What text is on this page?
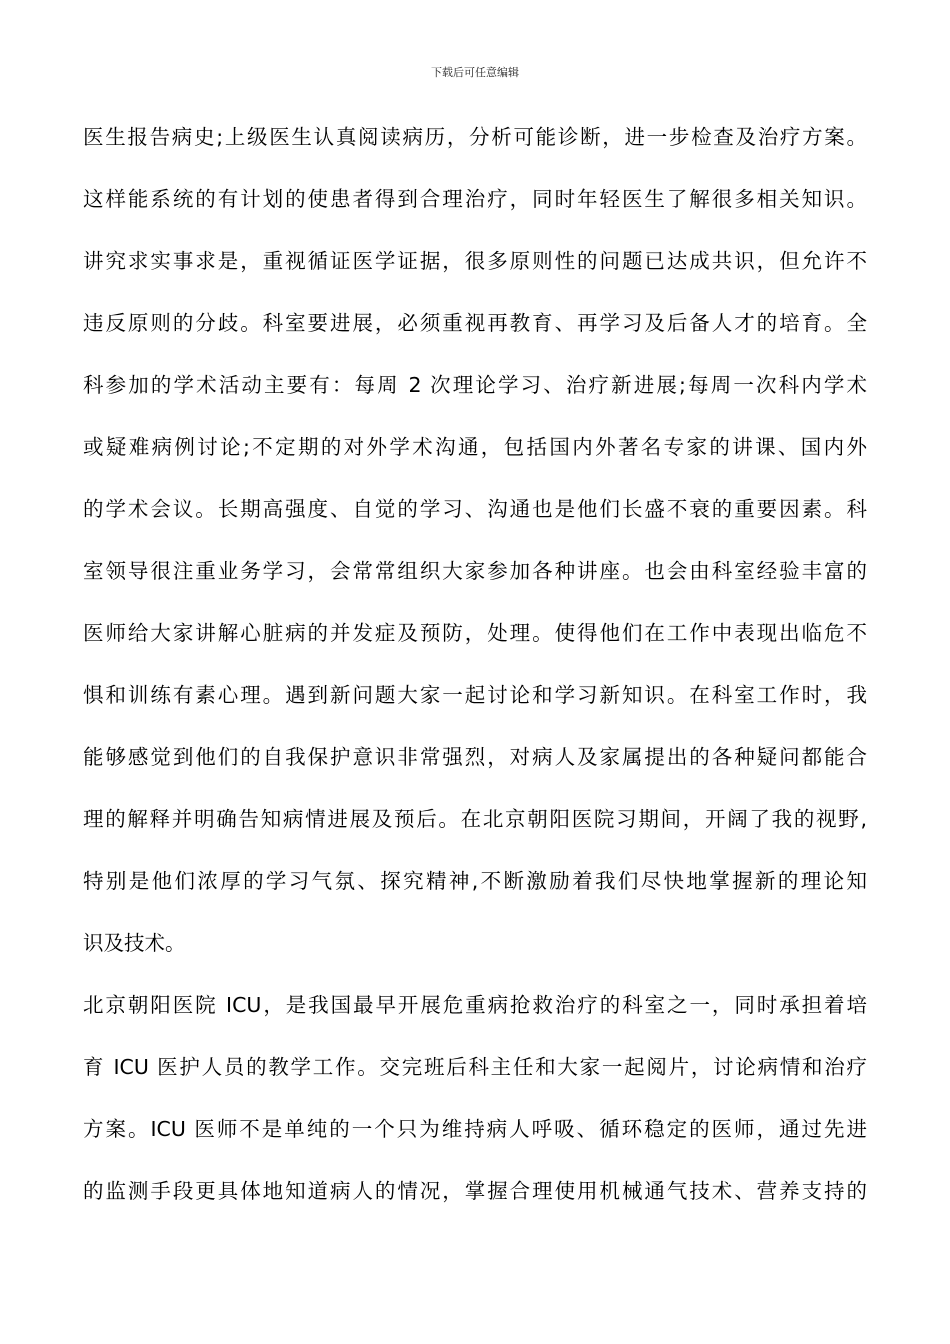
下载后可任意编辑
医生报告病史;上级医生认真阅读病历，分析可能诊断，进一步检查及治疗方案。
这样能系统的有计划的使患者得到合理治疗，同时年轻医生了解很多相关知识。
讲究求实事求是，重视循证医学证据，很多原则性的问题已达成共识，但允许不
违反原则的分歧。科室要进展，必须重视再教育、再学习及后备人才的培育。全
科参加的学术活动主要有：每周 2 次理论学习、治疗新进展;每周一次科内学术
或疑难病例讨论;不定期的对外学术沟通，包括国内外著名专家的讲课、国内外
的学术会议。长期高强度、自觉的学习、沟通也是他们长盛不衰的重要因素。科
室领导很注重业务学习，会常常组织大家参加各种讲座。也会由科室经验丰富的
医师给大家讲解心脏病的并发症及预防，处理。使得他们在工作中表现出临危不
惧和训练有素心理。遇到新问题大家一起讨论和学习新知识。在科室工作时，我
能够感觉到他们的自我保护意识非常强烈，对病人及家属提出的各种疑问都能合
理的解释并明确告知病情进展及预后。在北京朝阳医院习期间，开阔了我的视野,
特别是他们浓厚的学习气氛、探究精神,不断激励着我们尽快地掌握新的理论知
识及技术。
北京朝阳医院 ICU，是我国最早开展危重病抢救治疗的科室之一，同时承担着培
育 ICU 医护人员的教学工作。交完班后科主任和大家一起阅片，讨论病情和治疗
方案。ICU 医师不是单纯的一个只为维持病人呼吸、循环稳定的医师，通过先进
的监测手段更具体地知道病人的情况，掌握合理使用机械通气技术、营养支持的
